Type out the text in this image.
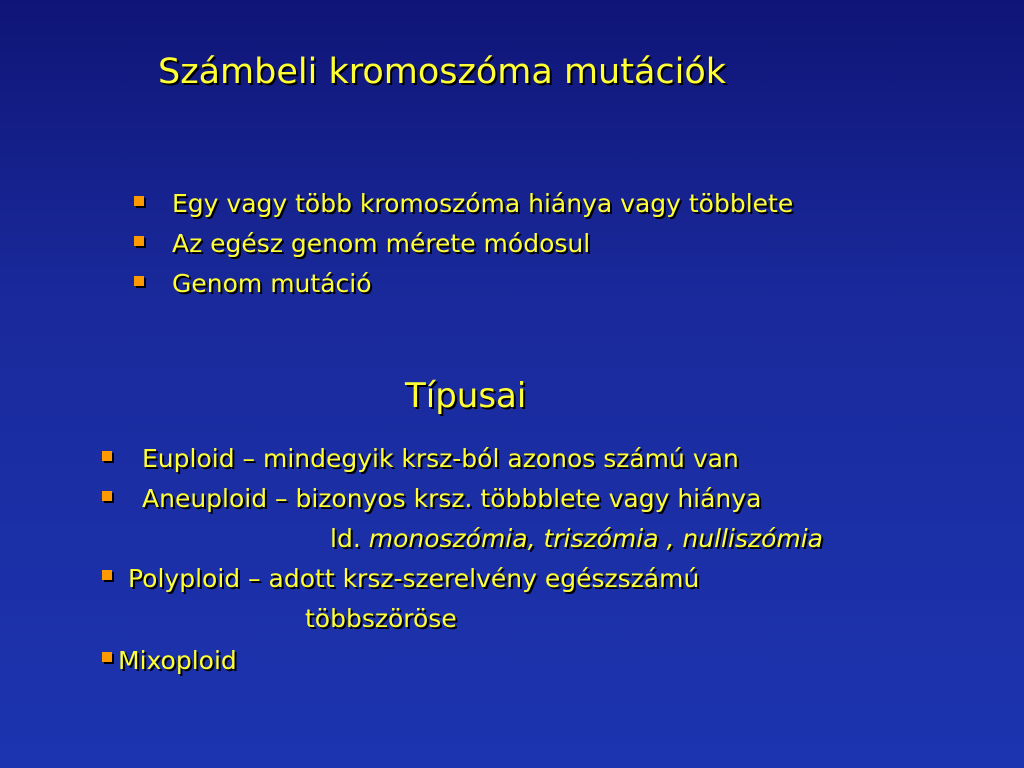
Számbeli kromoszóma mutációk
Egy vagy több kromoszóma hiánya vagy többlete
Az egész genom mérete módosul
Genom mutáció
Típusai
Euploid – mindegyik krsz-ból azonos számú van
Aneuploid – bizonyos krsz. többblete vagy hiánya
ld. monoszómia, triszómia , nulliszómia
Polyploid – adott krsz-szerelvény egészszámú
többszöröse
Mixoploid
